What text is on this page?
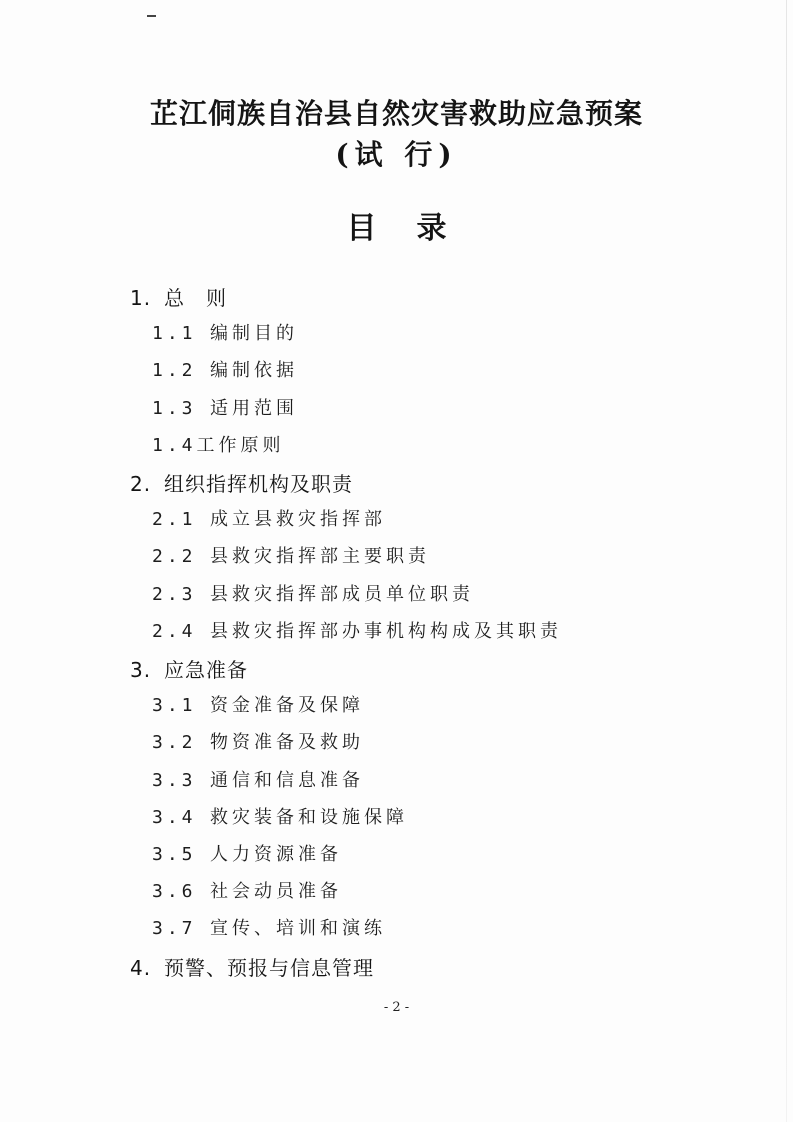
芷江侗族自治县自然灾害救助应急预案
(试 行)
目 录
1. 总　则
1.1 编制目的
1.2 编制依据
1.3 适用范围
1.4工作原则
2. 组织指挥机构及职责
2.1 成立县救灾指挥部
2.2 县救灾指挥部主要职责
2.3 县救灾指挥部成员单位职责
2.4 县救灾指挥部办事机构构成及其职责
3. 应急准备
3.1 资金准备及保障
3.2 物资准备及救助
3.3 通信和信息准备
3.4 救灾装备和设施保障
3.5 人力资源准备
3.6 社会动员准备
3.7 宣传、培训和演练
4. 预警、预报与信息管理
- 2 -
